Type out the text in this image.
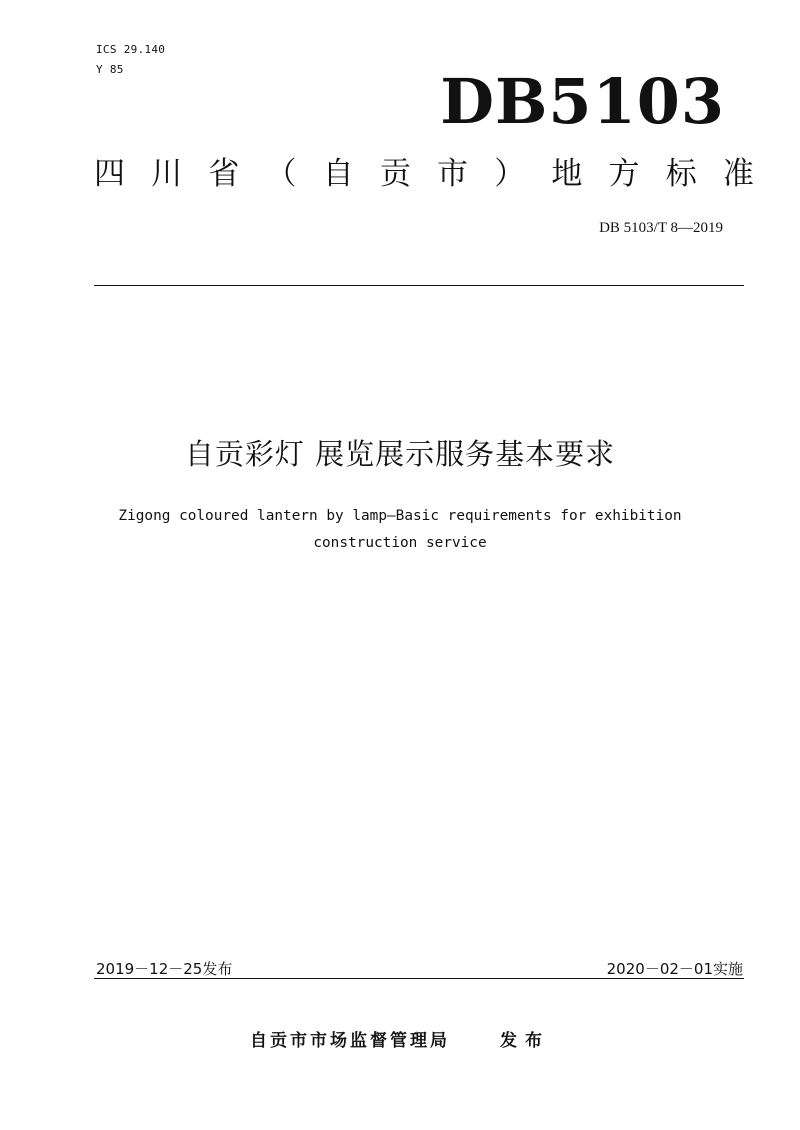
ICS 29.140
Y 85	DB5103
四 川 省 （ 自 贡 市 ） 地 方 标 准
DB 5103/T 8—2019
自贡彩灯 展览展示服务基本要求
Zigong coloured lantern by lamp—Basic requirements for exhibition
construction service
2019－12－25发布	2020－02－01实施
自贡市市场监督管理局	发布
